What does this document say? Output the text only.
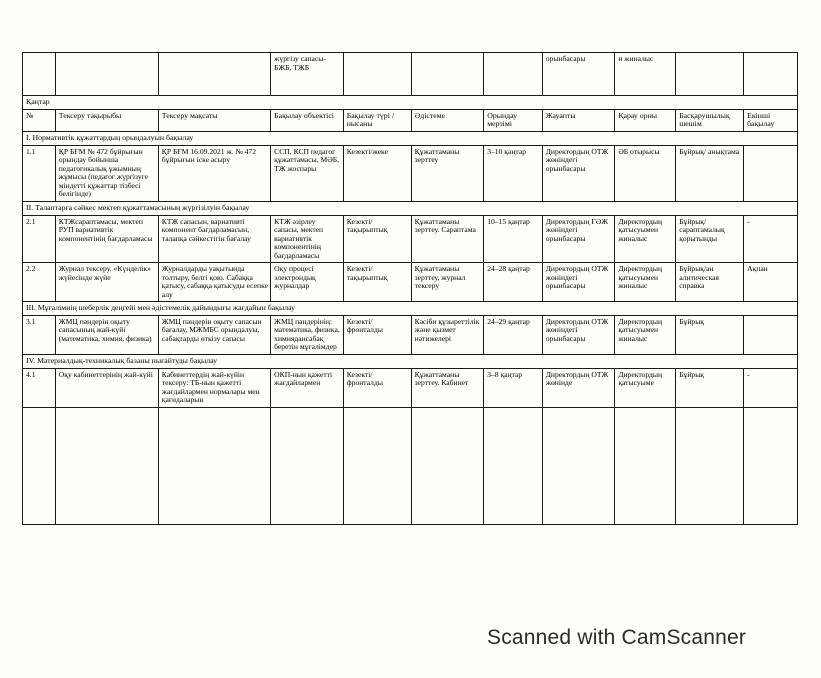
			жүргізу сапасы-БЖБ, ТЖБ				орынбасары	н жиналыс		
Қаңтар										
№	Тексеру тақырыбы	Тексеру мақсаты	Бақылау объектісі	Бақылау түрі / нысаны	Әдістеме	Орындау мерзімі	Жауапты	Қарау орны	Басқарушылық шешім	Екінші бақылау
I. Нормативтік құжаттардың орындалуын бақылау										
1.1	ҚР БҒМ № 472 бұйрығын орындау бойынша педагогикалық ұжымның жұмысы (педагог жүргізуге міндетті құжаттар тізбесі белігінде)	ҚР БҒМ 16.09.2021 ж. № 472 бұйрығын іске асыру	ССП, КСП педагог құжаттамасы, МӘБ, ТЖ жоспары	Кезекті/жеке	Құжаттаманы зерттеу	3–10 қаңтар	Директордың ОТЖ жөніндегі орынбасары	ӘБ отырысы	Бұйрық/ анықтама	
II. Талаптарға сәйкес мектеп құжаттамасының жүргізілуін бақылау										
2.1	КТЖсараптамасы, мектеп РУП вариативтік компонентінің бағдарламасы	КТЖ сапасын, вариативті компонент бағдарламасын, талапқа сәйкестігін бағалау	КТЖ әзірлеу сапасы, мектеп вариативтік компонентінің бағдарламасы	Кезекті/тақырыптық	Құжаттаманы зерттеу. Сараптама	10–15 қаңтар	Директордың ҒӘЖ жөніндегі орынбасары	Директордың қатысуымен жиналыс	Бұйрық/сараптамалық қорытынды	-
2.2	Журнал тексеру. «Күнделік» жүйесінде жүйе	Журналдарды уақытында толтыру, белгі қою. Сабаққа қатысу, сабаққа қатысуды есепке алу	Оқу процесі электрондық журналдар	Кезекті/тақырыптық	Құжаттаманы зерттеу, журнал тексеру	24–28 қаңтар	Директордың ОТЖ жөніндегі орынбасары	Директордың қатысуымен жиналыс	Бұйрық/ан алитическая справка	Ақпан
III. Мұғалімнің шеберлік деңгейі мен әдістемелік дайындығы жағдайын бақылау										
3.1	ЖМЦ пәндерін оқыту сапасының жай-күйі (математика, химия, физика)	ЖМЦ пәндерін оқыту сапасын бағалау, МЖМБС орындалуы, сабақтарды өткізу сапасы	ЖМЦ пәндерінің: математика, физика, химиядансабақ беретін мұғалімдер	Кезекті/фронталды	Кәсіби құзыреттілік және қызмет нәтижелері	24–29 қаңтар	Директордың ОТЖ жөніндегі орынбасары	Директордың қатысуымен жиналыс	Бұйрық	
IV. Материалдық-техникалық базаны нығайтуды бақылау										
4.1	Оқу кабинеттерінің жай-күйі	Кабинеттердің жай-күйін тексеру: ТБ-нын қажетті жағдайлармен нормалары мен қағидаларын	ОКП-нын қажетті жағдайлармен	Кезекті/фронталды	Құжаттаманы зерттеу. Кабинет	3–8 қаңтар	Директордың ОТЖ жөнінде	Директордың қатысуыме	Бұйрық	-

Scanned with CamScanner
